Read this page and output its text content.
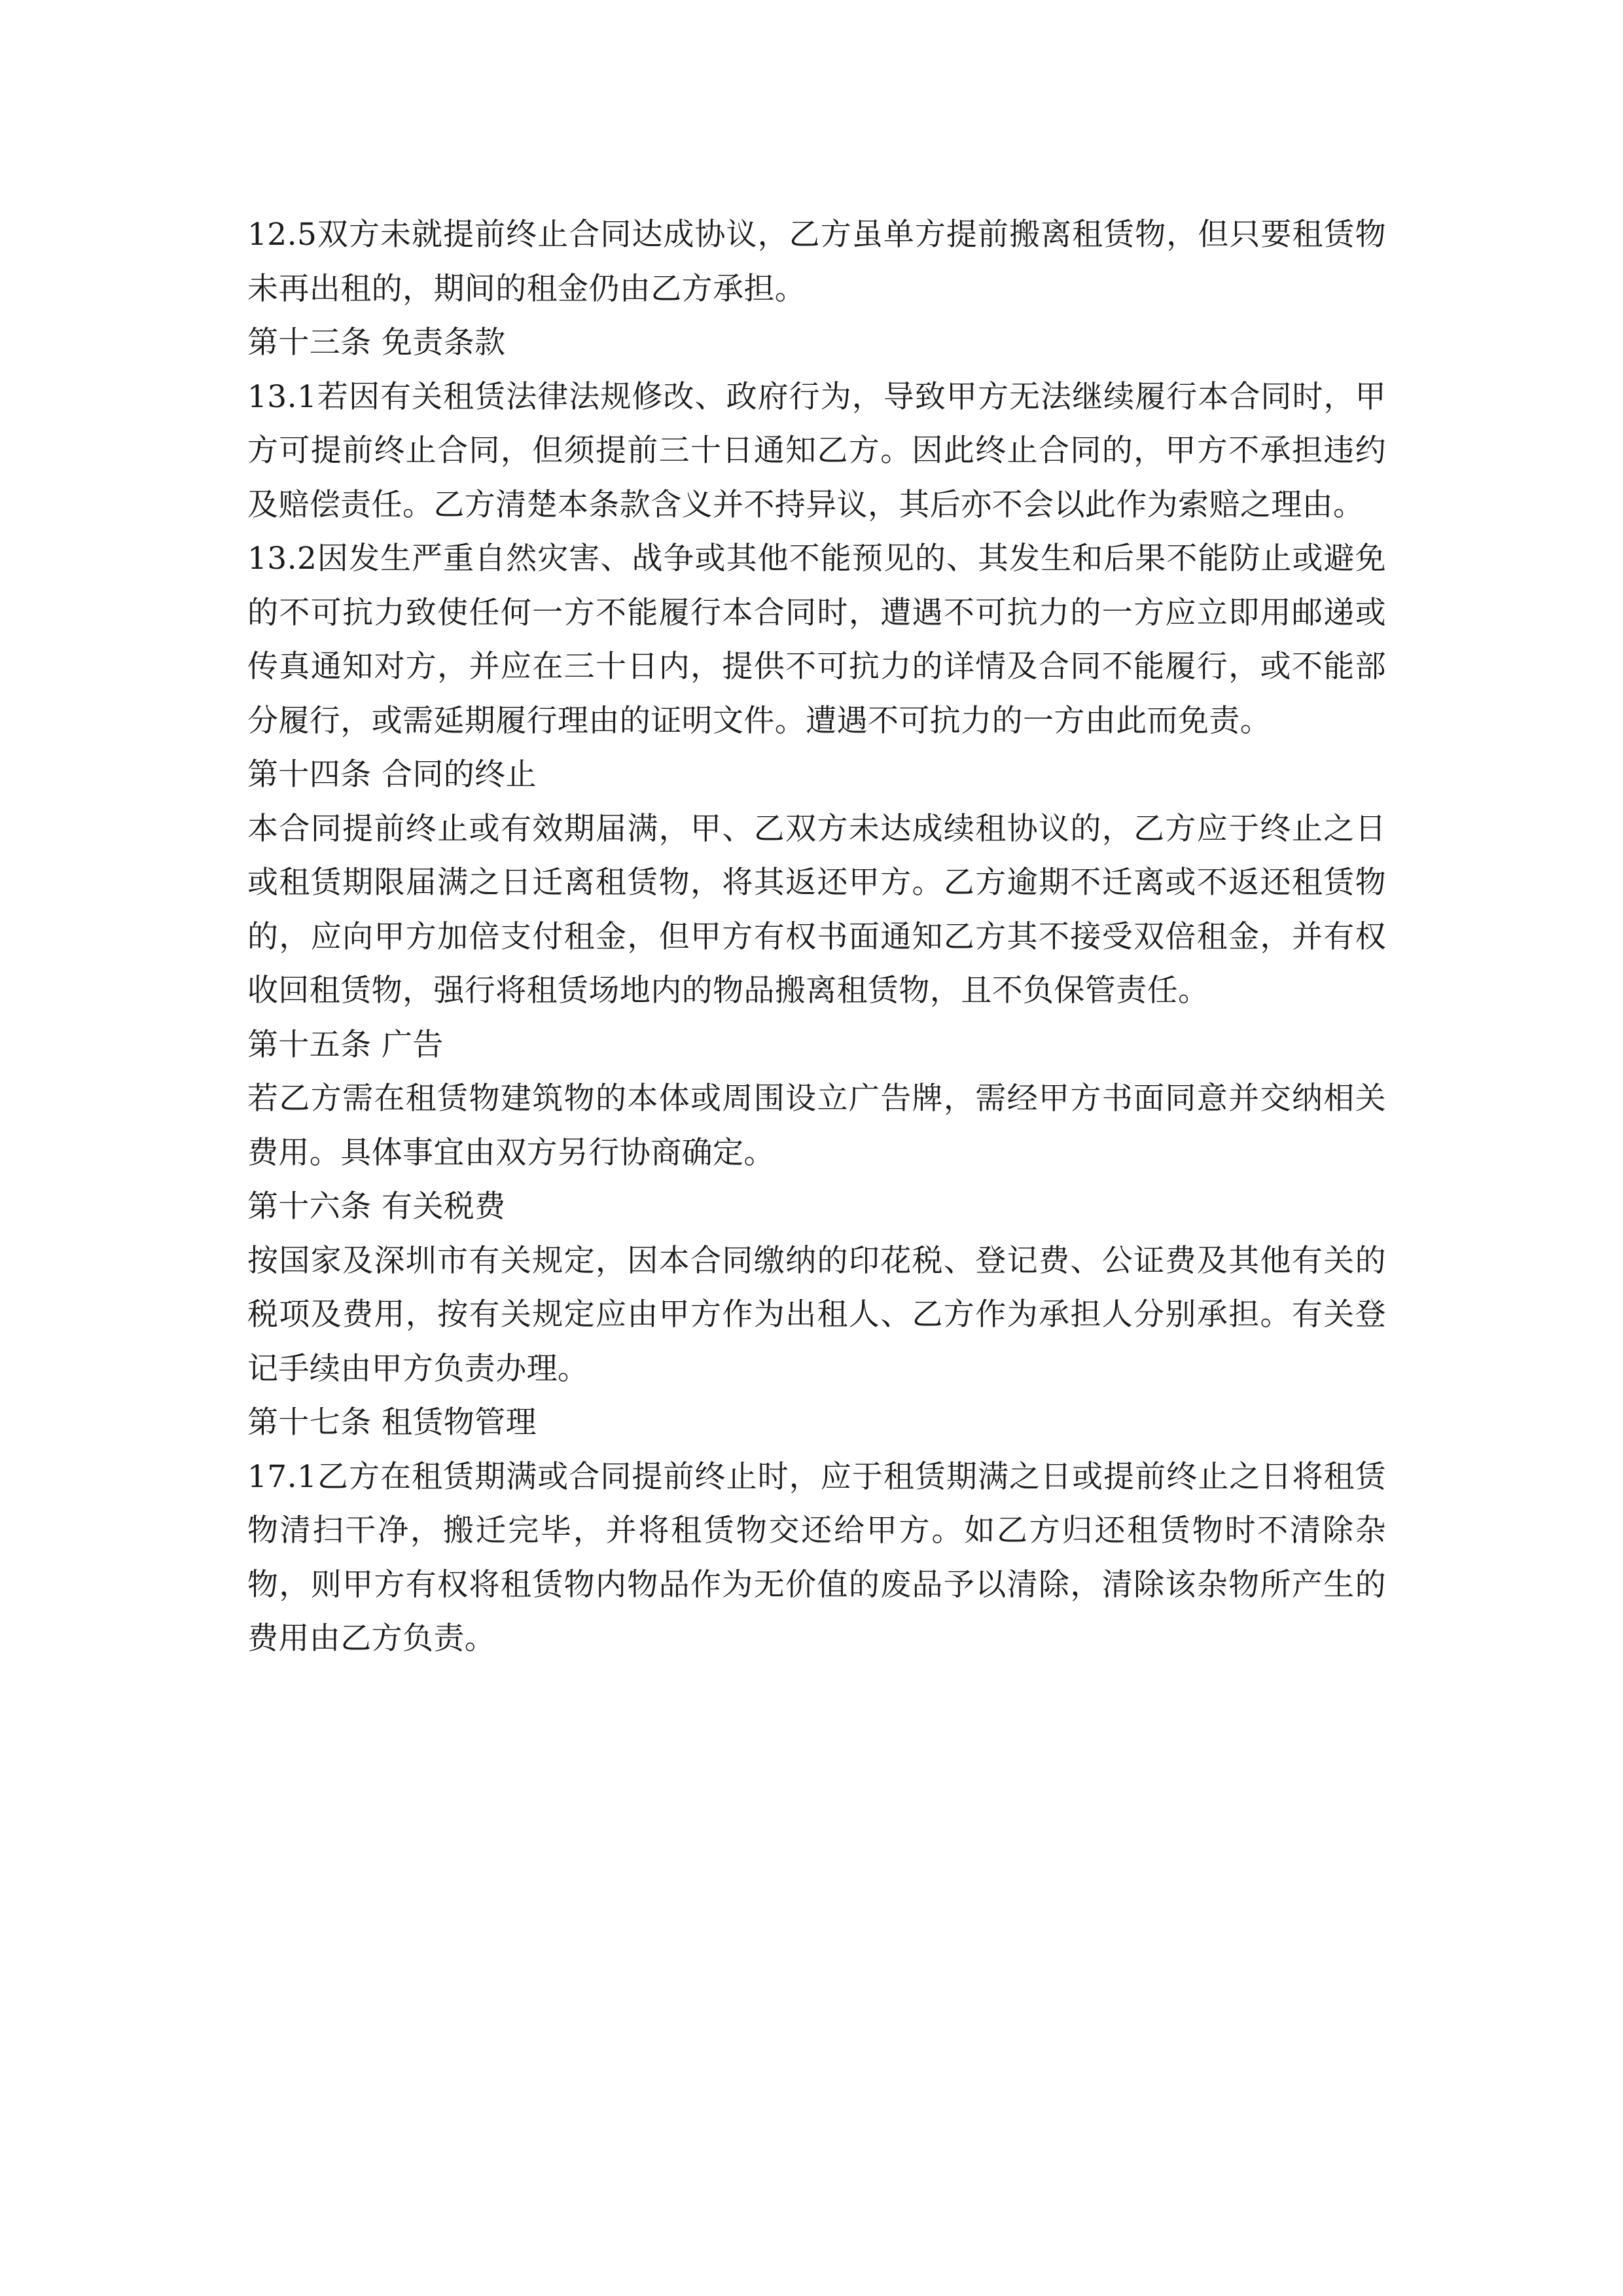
12.5双方未就提前终止合同达成协议，乙方虽单方提前搬离租赁物，但只要租赁物未再出租的，期间的租金仍由乙方承担。

第十三条 免责条款

13.1若因有关租赁法律法规修改、政府行为，导致甲方无法继续履行本合同时，甲方可提前终止合同，但须提前三十日通知乙方。因此终止合同的，甲方不承担违约及赔偿责任。乙方清楚本条款含义并不持异议，其后亦不会以此作为索赔之理由。

13.2因发生严重自然灾害、战争或其他不能预见的、其发生和后果不能防止或避免的不可抗力致使任何一方不能履行本合同时，遭遇不可抗力的一方应立即用邮递或传真通知对方，并应在三十日内，提供不可抗力的详情及合同不能履行，或不能部分履行，或需延期履行理由的证明文件。遭遇不可抗力的一方由此而免责。

第十四条 合同的终止

本合同提前终止或有效期届满，甲、乙双方未达成续租协议的，乙方应于终止之日或租赁期限届满之日迁离租赁物，将其返还甲方。乙方逾期不迁离或不返还租赁物的，应向甲方加倍支付租金，但甲方有权书面通知乙方其不接受双倍租金，并有权收回租赁物，强行将租赁场地内的物品搬离租赁物，且不负保管责任。

第十五条 广告

若乙方需在租赁物建筑物的本体或周围设立广告牌，需经甲方书面同意并交纳相关费用。具体事宜由双方另行协商确定。

第十六条 有关税费

按国家及深圳市有关规定，因本合同缴纳的印花税、登记费、公证费及其他有关的税项及费用，按有关规定应由甲方作为出租人、乙方作为承担人分别承担。有关登记手续由甲方负责办理。

第十七条 租赁物管理

17.1乙方在租赁期满或合同提前终止时，应于租赁期满之日或提前终止之日将租赁物清扫干净，搬迁完毕，并将租赁物交还给甲方。如乙方归还租赁物时不清除杂物，则甲方有权将租赁物内物品作为无价值的废品予以清除，清除该杂物所产生的费用由乙方负责。
